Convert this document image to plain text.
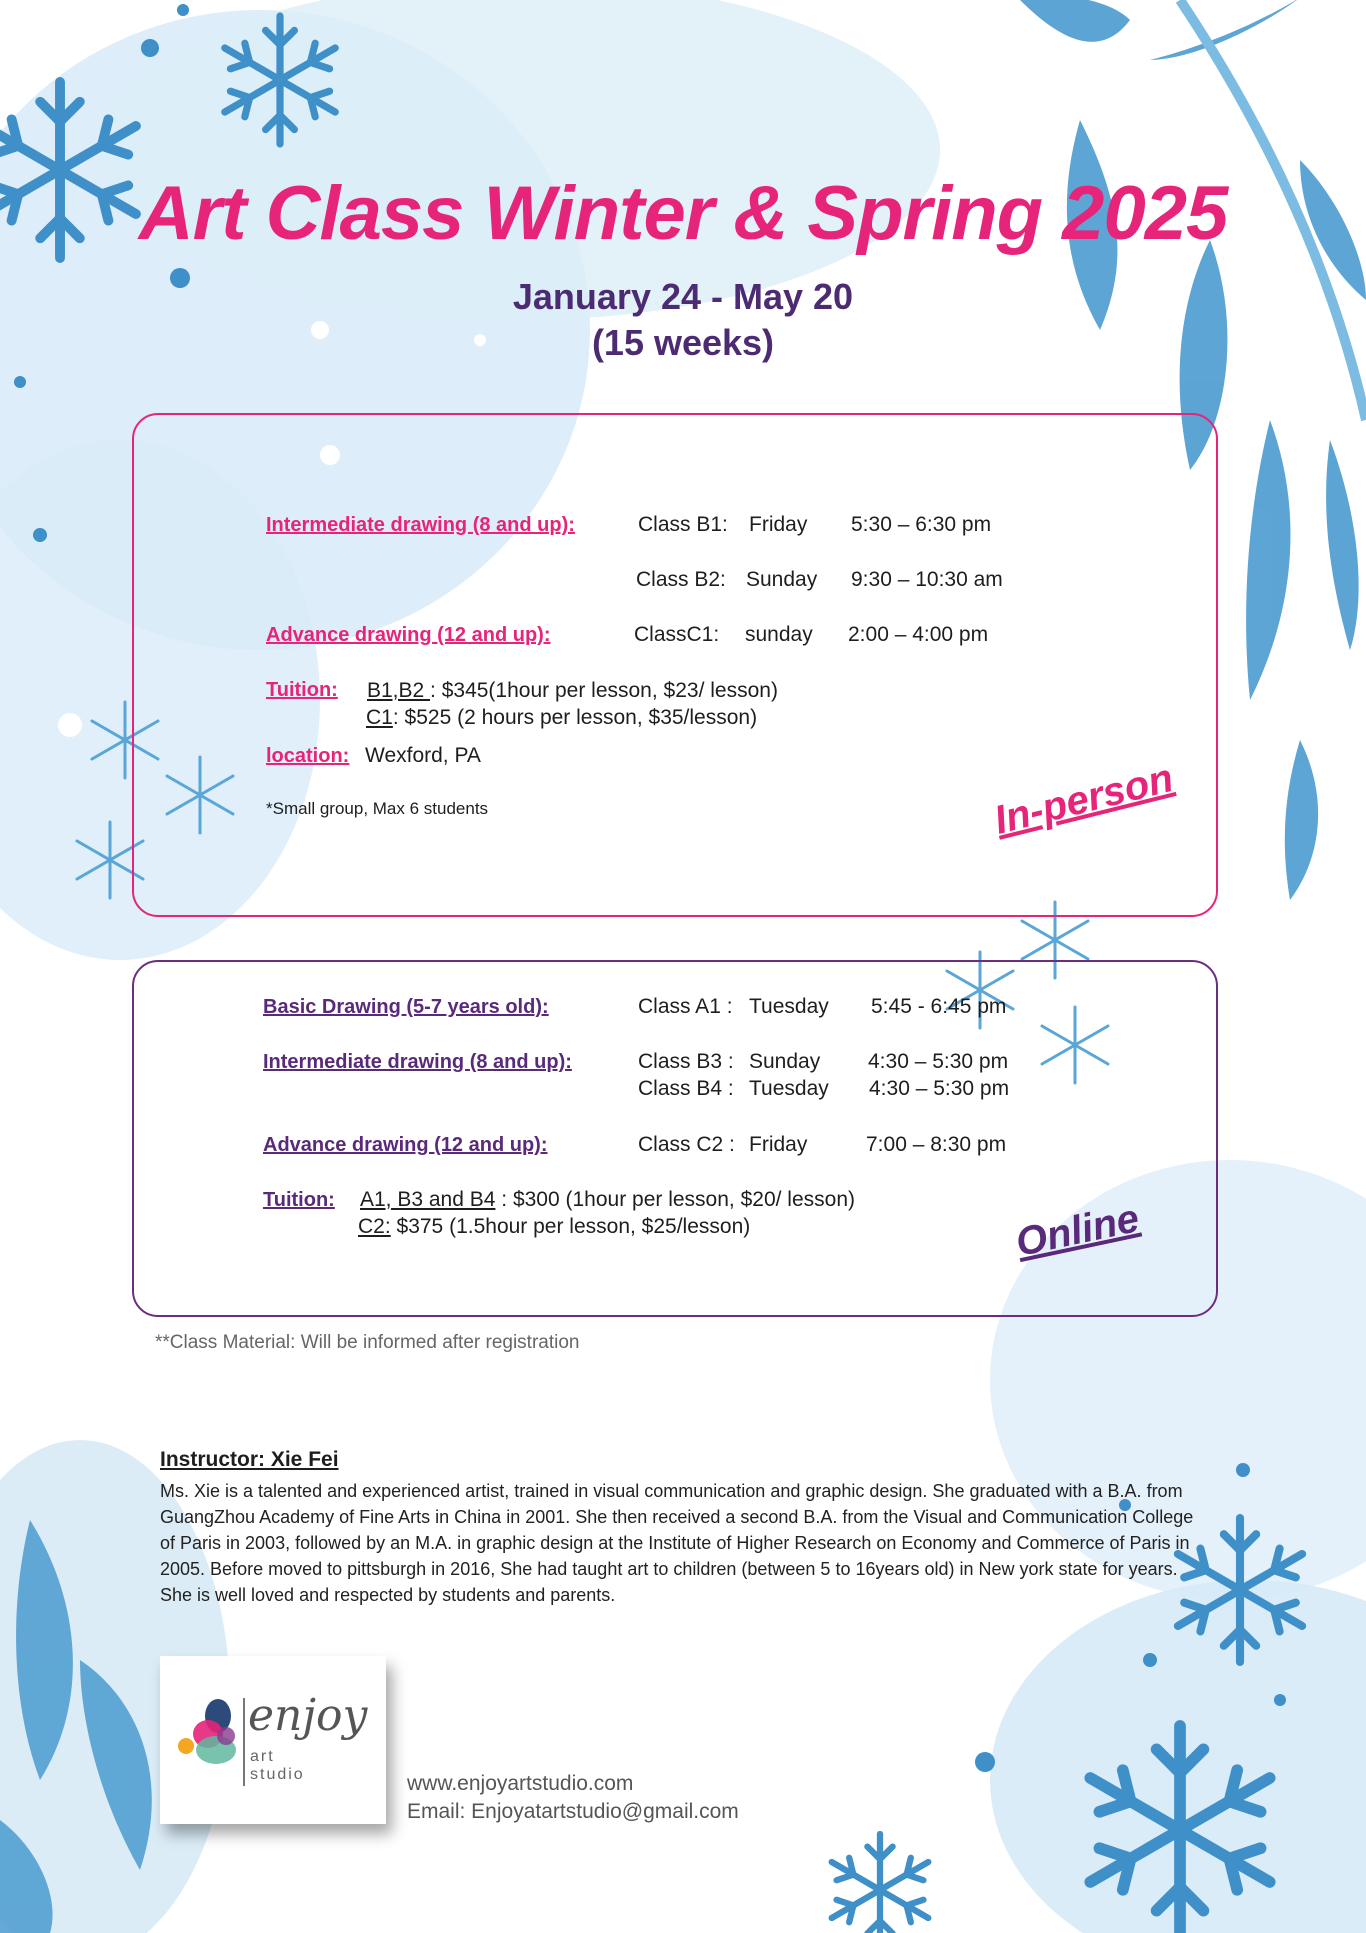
Art Class Winter & Spring 2025
January 24 - May 20
(15 weeks)
Intermediate drawing (8 and up):	Class B1: Friday 5:30 – 6:30 pm
Class B2: Sunday 9:30 – 10:30 am
Advance drawing (12 and up):	ClassC1: sunday 2:00 – 4:00 pm
Tuition: B1,B2 : $345(1hour per lesson, $23/ lesson)
C1: $525 (2 hours per lesson, $35/lesson)
location: Wexford, PA
*Small group, Max 6 students	In-person
Basic Drawing (5-7 years old):	Class A1 : Tuesday 5:45 - 6:45 pm
Intermediate drawing (8 and up):	Class B3 : Sunday 4:30 – 5:30 pm
Class B4 : Tuesday 4:30 – 5:30 pm
Advance drawing (12 and up):	Class C2 : Friday	7:00 – 8:30 pm
Tuition: A1, B3 and B4 : $300 (1hour per lesson, $20/ lesson)
C2: $375 (1.5hour per lesson, $25/lesson)	Online
**Class Material: Will be informed after registration
Instructor: Xie Fei
Ms. Xie is a talented and experienced artist, trained in visual communication and graphic design. She graduated with a B.A. from GuangZhou Academy of Fine Arts in China in 2001. She then received a second B.A. from the Visual and Communication College of Paris in 2003, followed by an M.A. in graphic design at the Institute of Higher Research on Economy and Commerce of Paris in 2005. Before moved to pittsburgh in 2016, She had taught art to children (between 5 to 16years old) in New york state for years. She is well loved and respected by students and parents.
enjoy
art
studio	www.enjoyartstudio.com
Email: Enjoyatartstudio@gmail.com
